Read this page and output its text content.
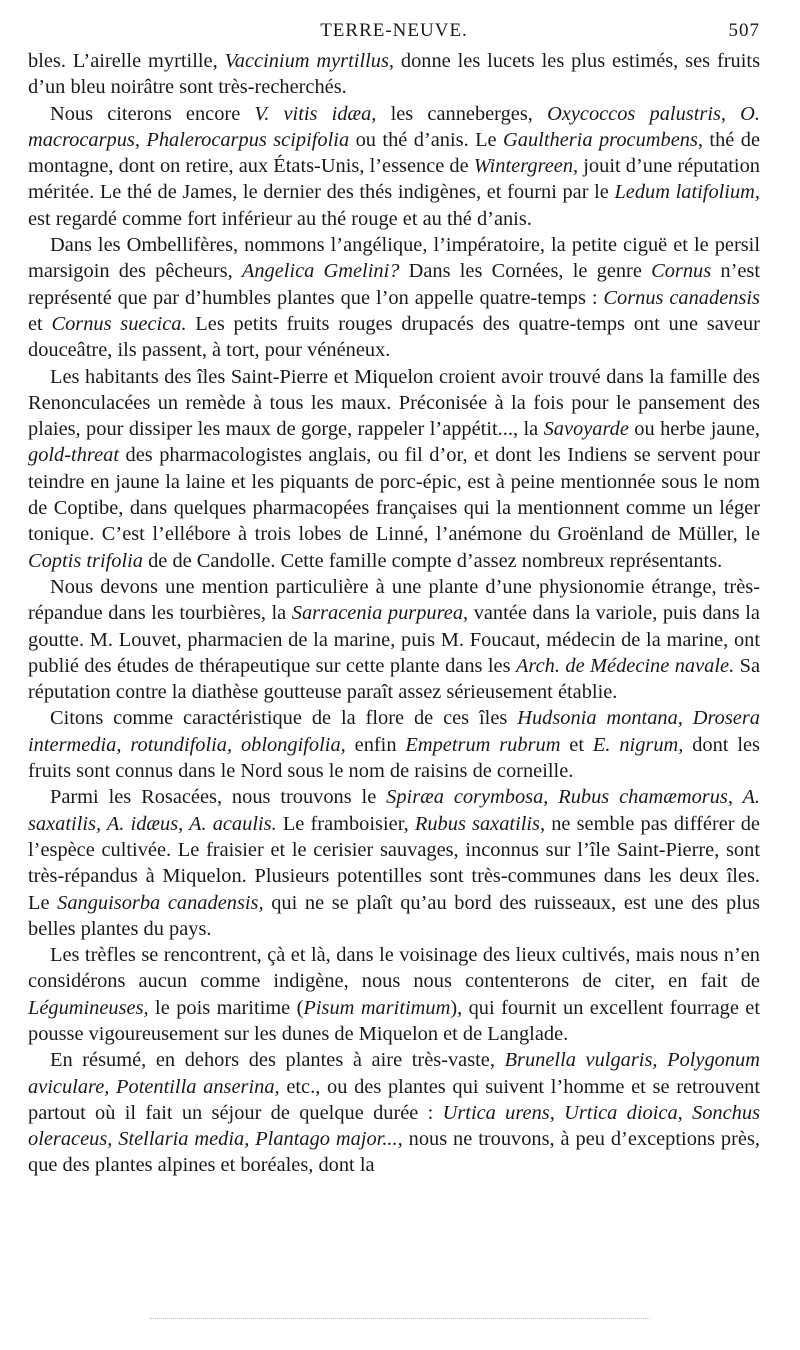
TERRE-NEUVE.	507

bles. L’airelle myrtille, Vaccinium myrtillus, donne les lucets les plus estimés, ses fruits d’un bleu noirâtre sont très-recherchés.

Nous citerons encore V. vitis idæa, les canneberges, Oxycoccos palustris, O. macrocarpus, Phalerocarpus scipifolia ou thé d’anis. Le Gaultheria procumbens, thé de montagne, dont on retire, aux États-Unis, l’essence de Wintergreen, jouit d’une réputation méritée. Le thé de James, le dernier des thés indigènes, et fourni par le Ledum latifolium, est regardé comme fort inférieur au thé rouge et au thé d’anis.

Dans les Ombellifères, nommons l’angélique, l’impératoire, la petite ciguë et le persil marsigoin des pêcheurs, Angelica Gmelini? Dans les Cornées, le genre Cornus n’est représenté que par d’humbles plantes que l’on appelle quatre-temps : Cornus canadensis et Cornus suecica. Les petits fruits rouges drupacés des quatre-temps ont une saveur douceâtre, ils passent, à tort, pour vénéneux.

Les habitants des îles Saint-Pierre et Miquelon croient avoir trouvé dans la famille des Renonculacées un remède à tous les maux. Préconisée à la fois pour le pansement des plaies, pour dissiper les maux de gorge, rappeler l’appétit..., la Savoyarde ou herbe jaune, gold-threat des pharmacologistes anglais, ou fil d’or, et dont les Indiens se servent pour teindre en jaune la laine et les piquants de porc-épic, est à peine mentionnée sous le nom de Coptibe, dans quelques pharmacopées françaises qui la mentionnent comme un léger tonique. C’est l’ellébore à trois lobes de Linné, l’anémone du Groënland de Müller, le Coptis trifolia de de Candolle. Cette famille compte d’assez nombreux représentants.

Nous devons une mention particulière à une plante d’une physionomie étrange, très-répandue dans les tourbières, la Sarracenia purpurea, vantée dans la variole, puis dans la goutte. M. Louvet, pharmacien de la marine, puis M. Foucaut, médecin de la marine, ont publié des études de thérapeutique sur cette plante dans les Arch. de Médecine navale. Sa réputation contre la diathèse goutteuse paraît assez sérieusement établie.

Citons comme caractéristique de la flore de ces îles Hudsonia montana, Drosera intermedia, rotundifolia, oblongifolia, enfin Empetrum rubrum et E. nigrum, dont les fruits sont connus dans le Nord sous le nom de raisins de corneille.

Parmi les Rosacées, nous trouvons le Spiræa corymbosa, Rubus chamæmorus, A. saxatilis, A. idæus, A. acaulis. Le framboisier, Rubus saxatilis, ne semble pas différer de l’espèce cultivée. Le fraisier et le cerisier sauvages, inconnus sur l’île Saint-Pierre, sont très-répandus à Miquelon. Plusieurs potentilles sont très-communes dans les deux îles. Le Sanguisorba canadensis, qui ne se plaît qu’au bord des ruisseaux, est une des plus belles plantes du pays.

Les trèfles se rencontrent, çà et là, dans le voisinage des lieux cultivés, mais nous n’en considérons aucun comme indigène, nous nous contenterons de citer, en fait de Légumineuses, le pois maritime (Pisum maritimum), qui fournit un excellent fourrage et pousse vigoureusement sur les dunes de Miquelon et de Langlade.

En résumé, en dehors des plantes à aire très-vaste, Brunella vulgaris, Polygonum aviculare, Potentilla anserina, etc., ou des plantes qui suivent l’homme et se retrouvent partout où il fait un séjour de quelque durée : Urtica urens, Urtica dioica, Sonchus oleraceus, Stellaria media, Plantago major..., nous ne trouvons, à peu d’exceptions près, que des plantes alpines et boréales, dont la
